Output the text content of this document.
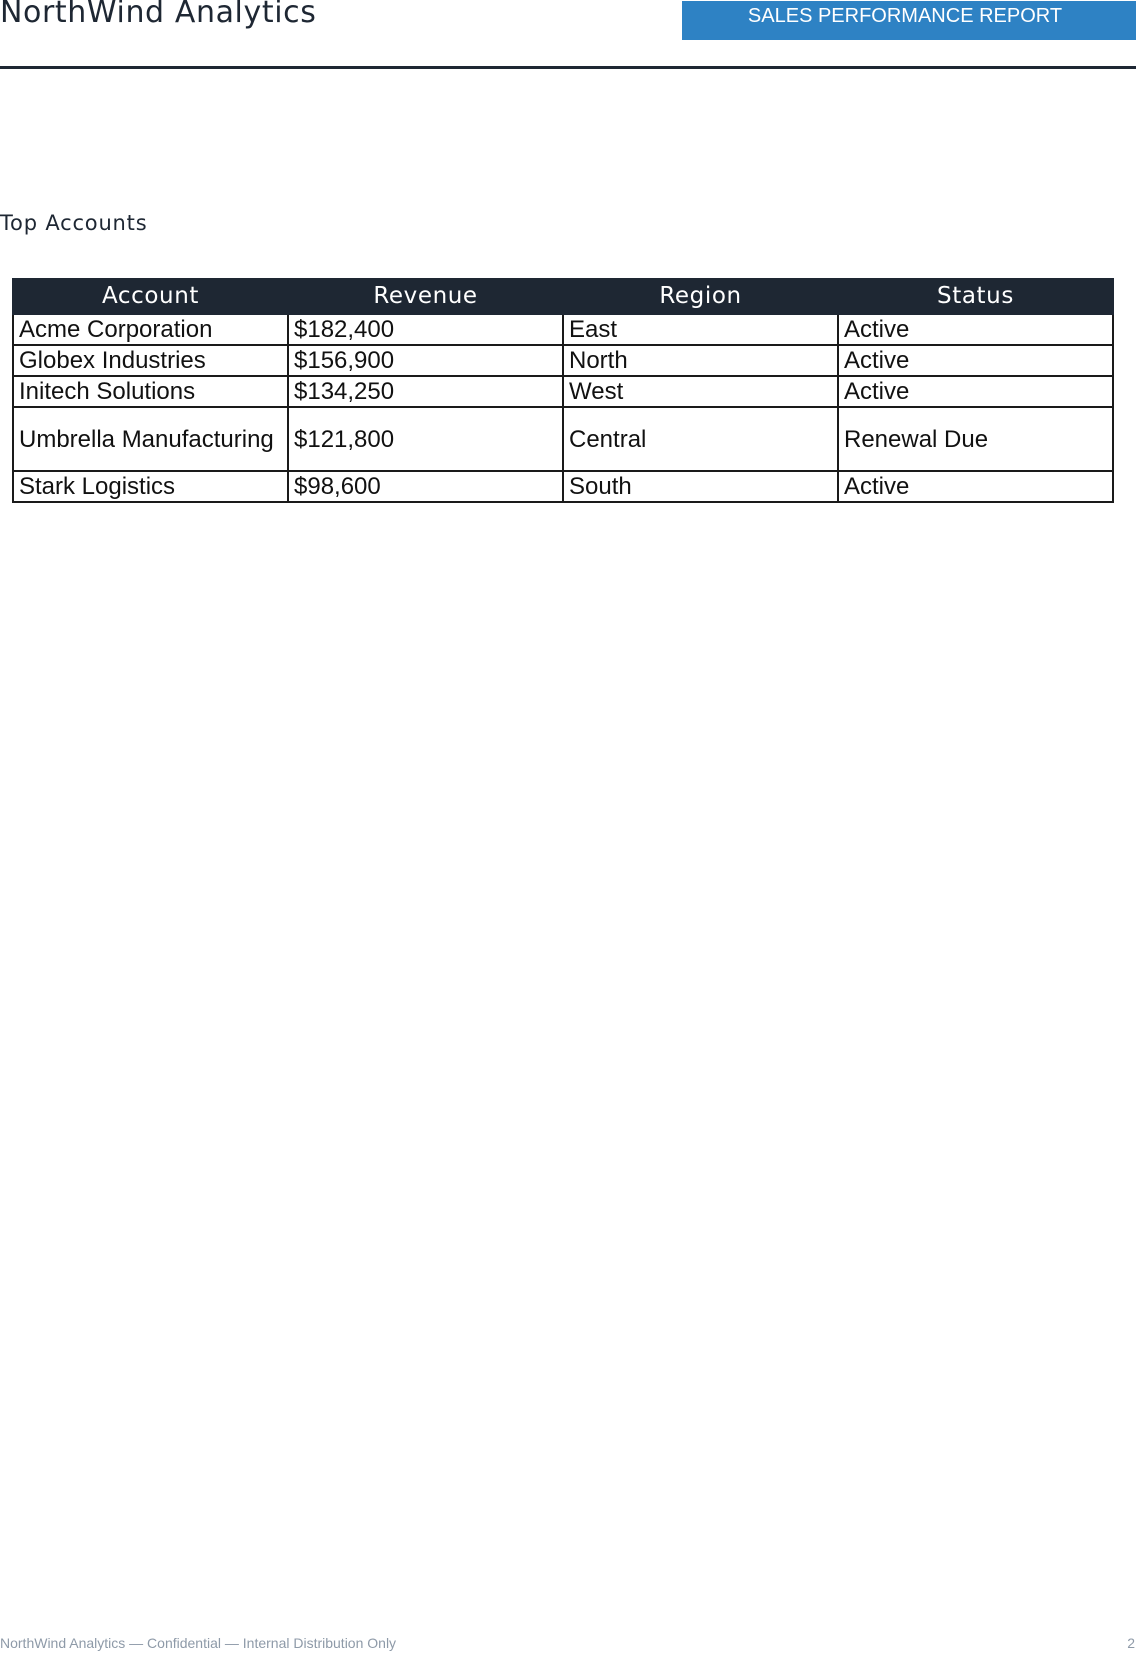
NorthWind Analytics	SALES PERFORMANCE REPORT
Top Accounts
Account	Revenue	Region	Status
Acme Corporation	$182,400	East	Active
Globex Industries	$156,900	North	Active
Initech Solutions	$134,250	West	Active
Umbrella Manufacturing	$121,800	Central	Renewal Due
Stark Logistics	$98,600	South	Active
NorthWind Analytics — Confidential — Internal Distribution Only	2
